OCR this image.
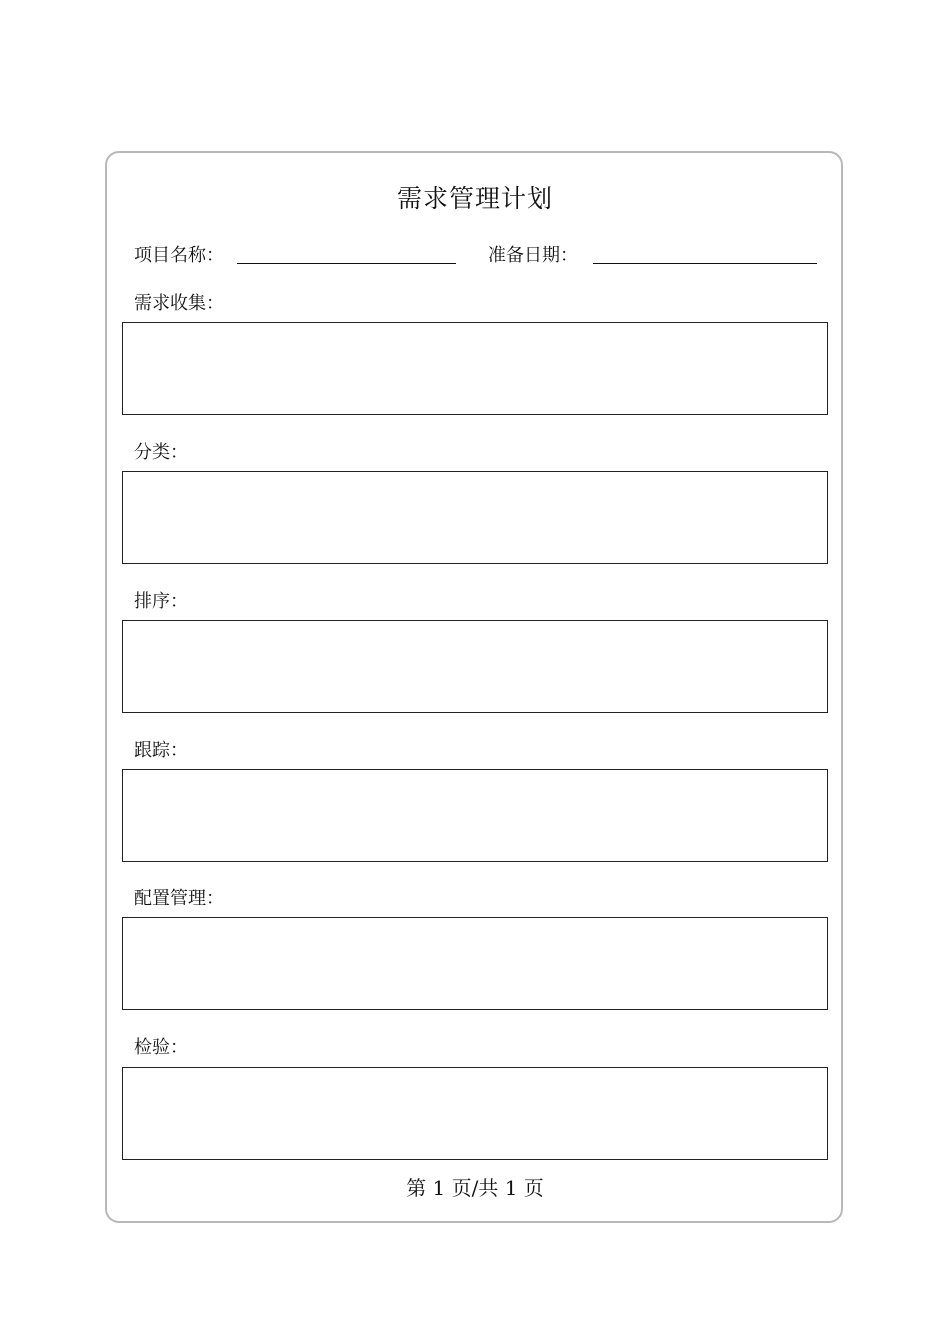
需求管理计划
项目名称：	准备日期：
需求收集：
分类：
排序：
跟踪：
配置管理：
检验：
第 1 页/共 1 页
